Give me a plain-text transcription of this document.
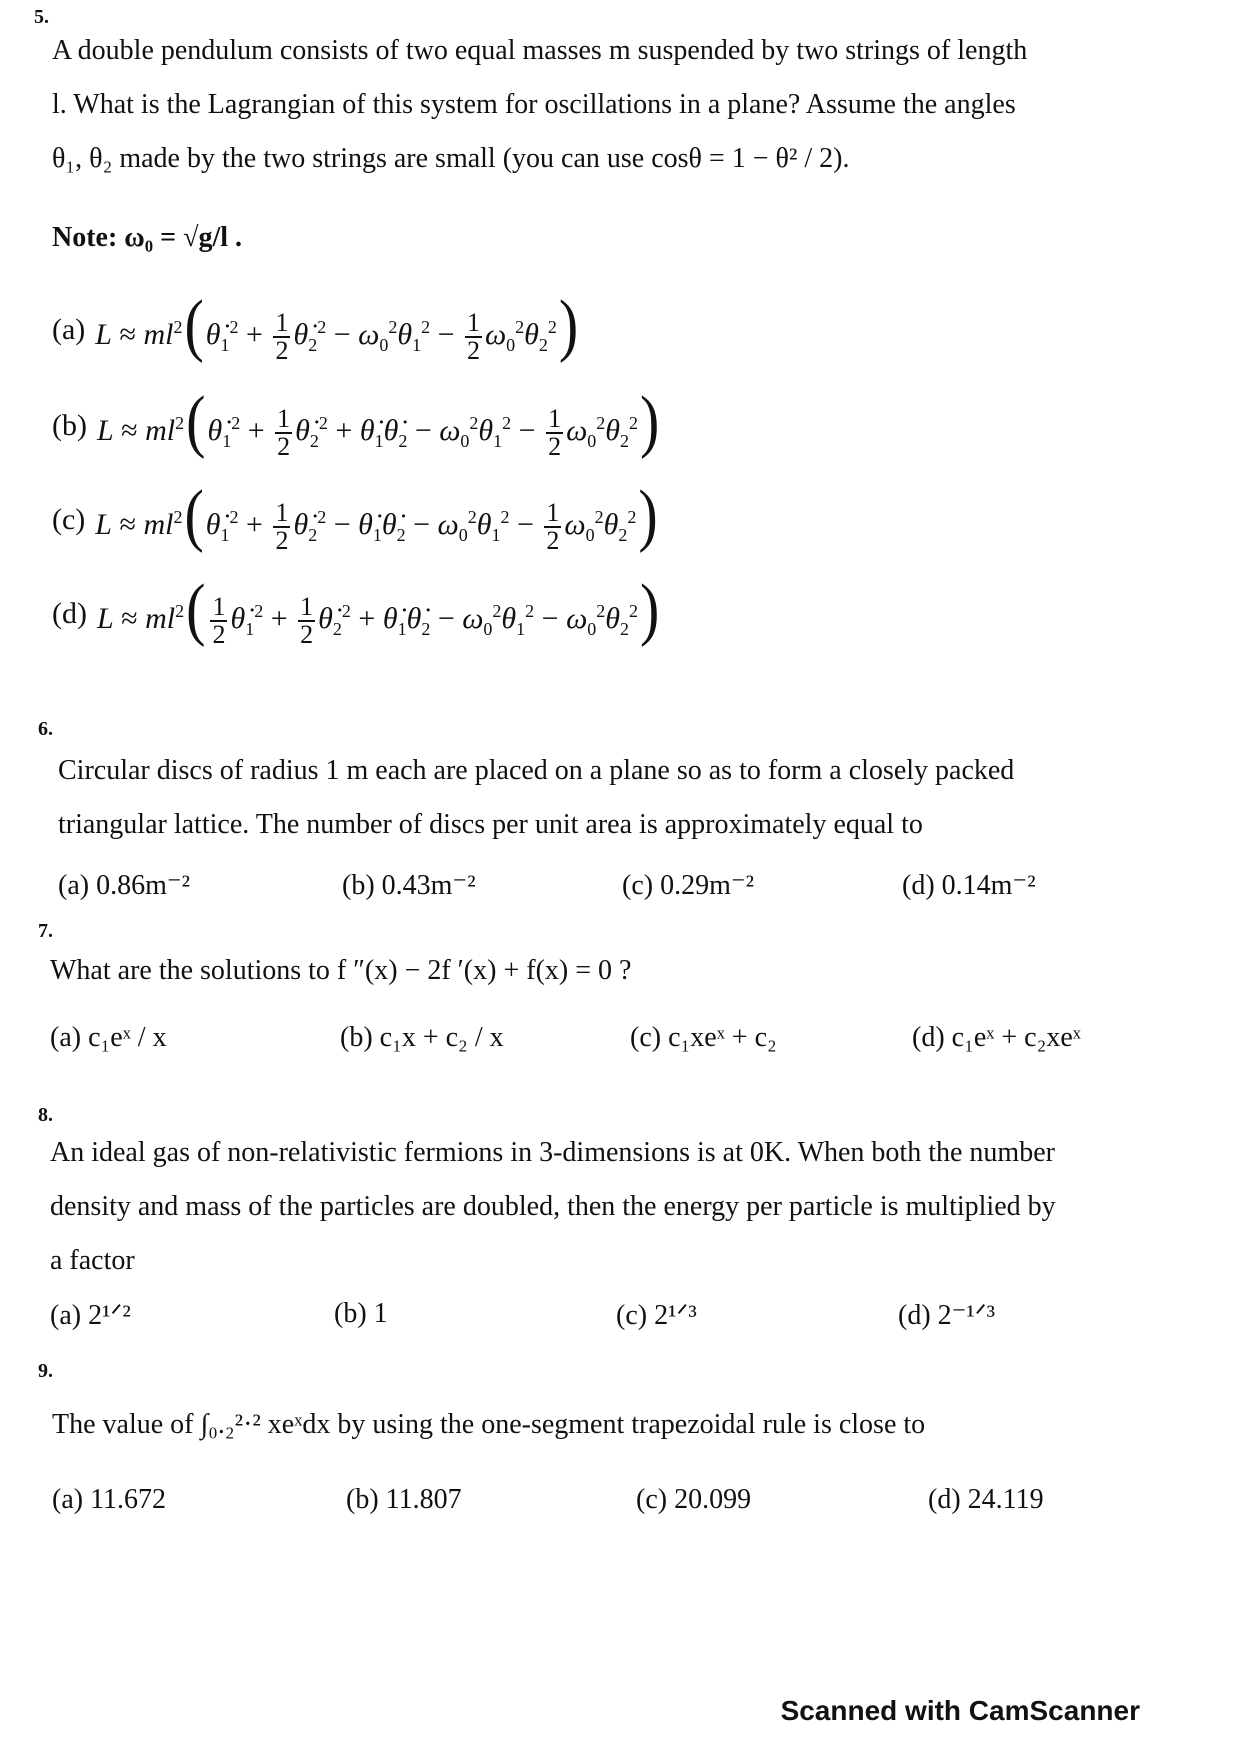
5.
A double pendulum consists of two equal masses m suspended by two strings of length
l. What is the Lagrangian of this system for oscillations in a plane? Assume the angles
θ₁, θ₂ made by the two strings are small (you can use cosθ = 1 − θ² / 2).
Note: ω₀ = √g/l .
(a) $L \approx ml^2(\thetȧ_1^2 + \frac{1}{2}$ $\thetȧ_2^2 - \omega_0^2\theta_1^2 - \frac{1}{2} \omega_0^2\theta_2^2$)
(b) $L \approx ml^2(\thetȧ_1^2 + \frac{1}{2}$ $\thetȧ_2^2$ + $\thetȧ_1\thetȧ_2 - \omega_0^2\theta_1^2 - \frac{1}{2} \omega_0^2\theta_2^2$)
(c) $L \approx ml^2(\thetȧ_1^2 + \frac{1}{2}$ $\thetȧ_2^2$ − $\thetȧ_1\thetȧ_2 - \omega_0^2\theta_1^2 - \frac{1}{2} \omega_0^2\theta_2^2$)
(d) $L \approx ml^2( \frac{1}{2}$ $\thetȧ_1^2 + \frac{1}{2}$ $\thetȧ_2^2$ + $\thetȧ_1\thetȧ_2 - \omega_0^2\theta_1^2 - \omega_0^2\theta_2^2$)
6.
Circular discs of radius 1 m each are placed on a plane so as to form a closely packed
triangular lattice. The number of discs per unit area is approximately equal to
(a) 0.86m⁻²	(b) 0.43m⁻²	(c) 0.29m⁻²	(d) 0.14m⁻²
7.
What are the solutions to f ″(x) − 2f ′(x) + f(x) = 0 ?
(a) c₁eˣ / x	(b) c₁x + c₂ / x	(c) c₁xeˣ + c₂	(d) c₁eˣ + c₂xeˣ
8.
An ideal gas of non-relativistic fermions in 3-dimensions is at 0K. When both the number
density and mass of the particles are doubled, then the energy per particle is multiplied by
a factor
(a) 2¹ᐟ²	(b) 1	(c) 2¹ᐟ³	(d) 2⁻¹ᐟ³
9.
The value of ∫₀.₂²·² xeˣdx by using the one-segment trapezoidal rule is close to
(a) 11.672	(b) 11.807	(c) 20.099	(d) 24.119
Scanned with CamScanner
